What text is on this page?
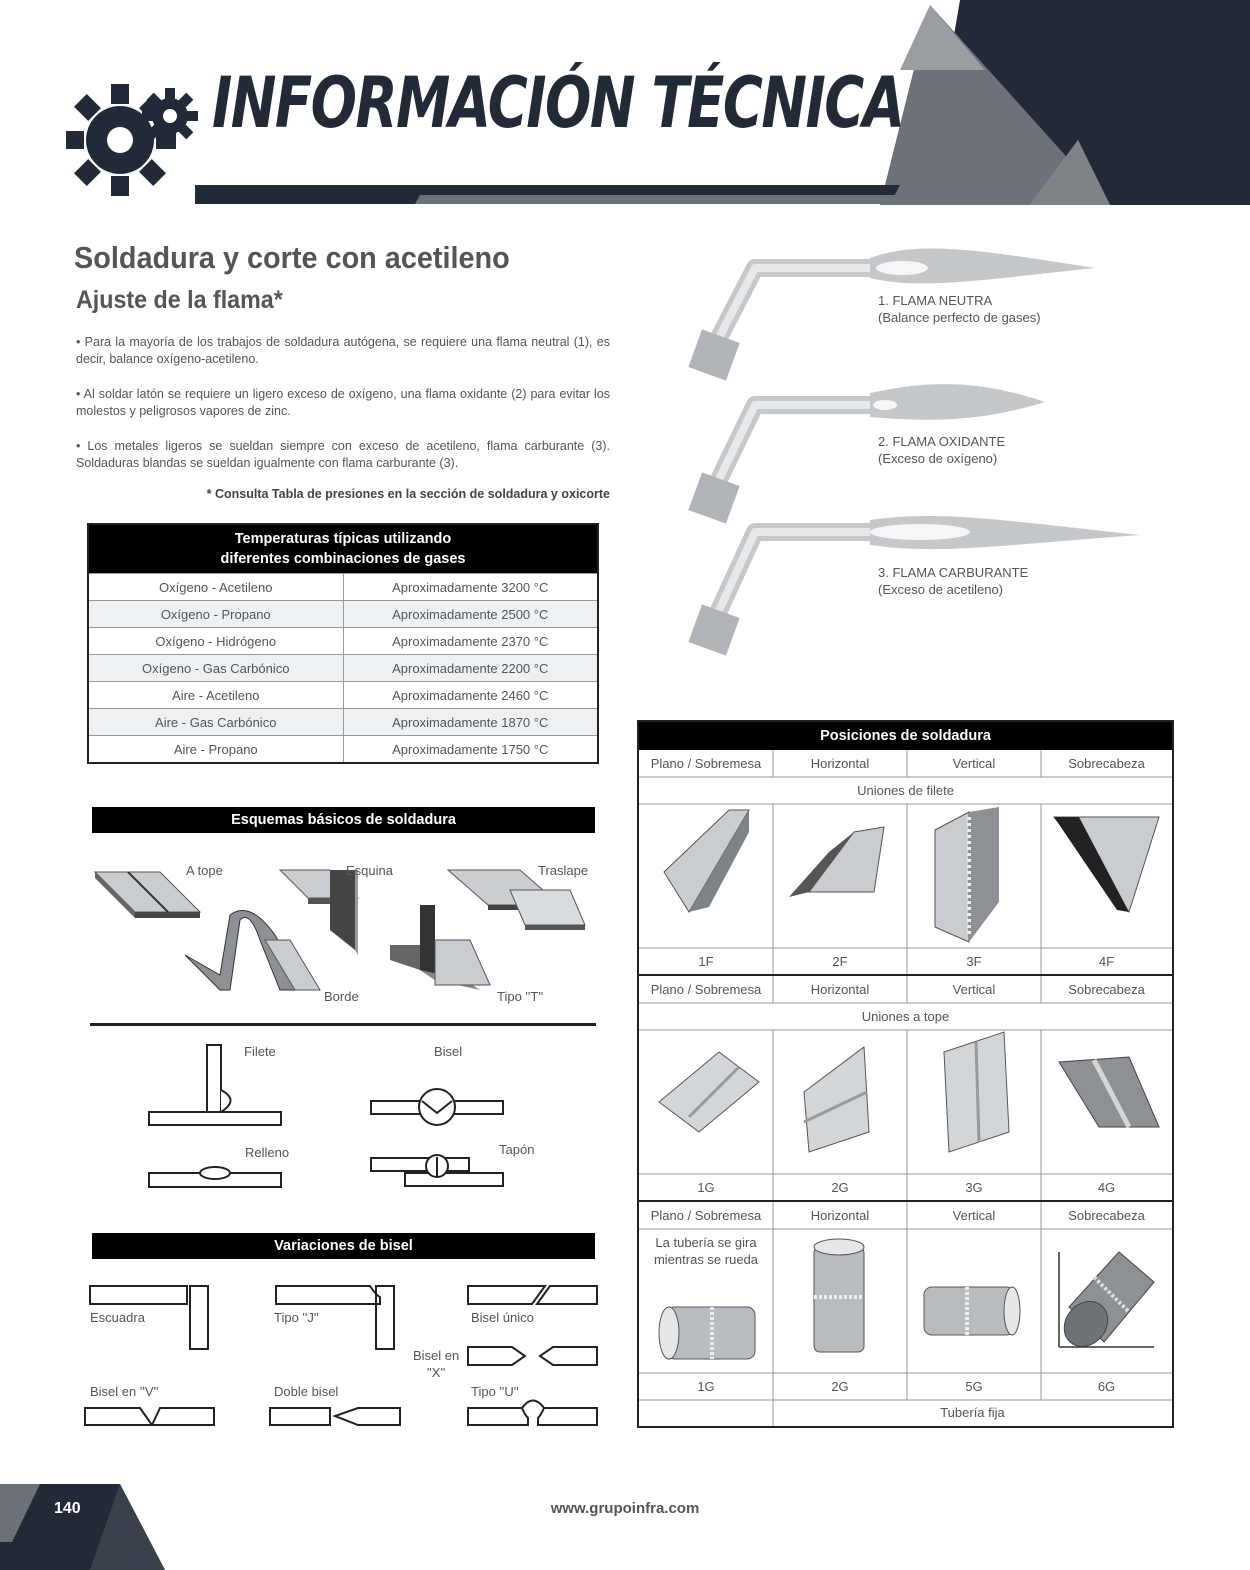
INFORMACIÓN TÉCNICA
Soldadura y corte con acetileno
Ajuste de la flama*
• Para la mayoría de los trabajos de soldadura autógena, se requiere una flama neutral (1), es decir, balance oxígeno-acetileno.
• Al soldar latón se requiere un ligero exceso de oxígeno, una flama oxidante (2) para evitar los molestos y peligrosos vapores de zinc.
• Los metales ligeros se sueldan siempre con exceso de acetileno, flama carburante (3). Soldaduras blandas se sueldan igualmente con flama carburante (3).
* Consulta Tabla de presiones en la sección de soldadura y oxicorte
1. FLAMA NEUTRA
(Balance perfecto de gases)
2. FLAMA OXIDANTE
(Exceso de oxígeno)
3. FLAMA CARBURANTE
(Exceso de acetileno)
Temperaturas típicas utilizando
diferentes combinaciones de gases	

Oxígeno - Acetileno	Aproximadamente 3200 °C
Oxígeno - Propano	Aproximadamente 2500 °C
Oxígeno - Hidrógeno	Aproximadamente 2370 °C
Oxígeno - Gas Carbónico	Aproximadamente 2200 °C
Aire - Acetileno	Aproximadamente 2460 °C
Aire - Gas Carbónico	Aproximadamente 1870 °C
Aire - Propano	Aproximadamente 1750 °C
Esquemas básicos de soldadura
A tope	Esquina	Traslape
Borde	Tipo ''T''
Filete	Bisel
Relleno	Tapón
Variaciones de bisel
Escuadra	Tipo ''J''	Bisel único
Bisel en
''X''
Bisel en ''V''	Doble bisel	Tipo ''U''
Posiciones de soldadura
Plano / Sobremesa	Horizontal	Vertical	Sobrecabeza
Uniones de filete
1F	2F	3F	4F
Plano / Sobremesa	Horizontal	Vertical	Sobrecabeza
Uniones a tope
1G	2G	3G	4G
Plano / Sobremesa	Horizontal	Vertical	Sobrecabeza
La tubería se gira mientras se rueda
1G	2G	5G	6G
Tubería fija
140	www.grupoinfra.com
